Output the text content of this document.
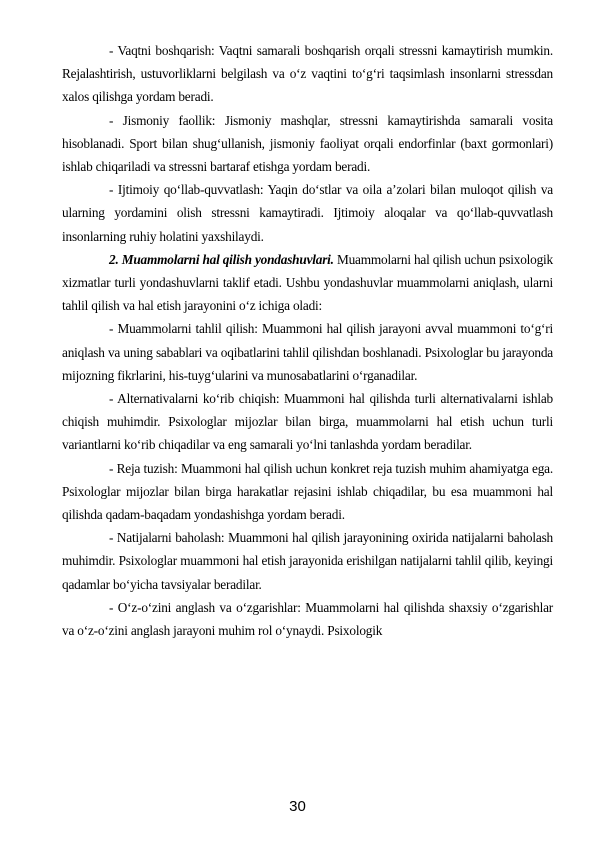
- Vaqtni boshqarish: Vaqtni samarali boshqarish orqali stressni kamaytirish mumkin. Rejalashtirish, ustuvorliklarni belgilash va o‘z vaqtini to‘g‘ri taqsimlash insonlarni stressdan xalos qilishga yordam beradi.

- Jismoniy faollik: Jismoniy mashqlar, stressni kamaytirishda samarali vosita hisoblanadi. Sport bilan shug‘ullanish, jismoniy faoliyat orqali endorfinlar (baxt gormonlari) ishlab chiqariladi va stressni bartaraf etishga yordam beradi.

- Ijtimoiy qo‘llab-quvvatlash: Yaqin do‘stlar va oila a’zolari bilan muloqot qilish va ularning yordamini olish stressni kamaytiradi. Ijtimoiy aloqalar va qo‘llab-quvvatlash insonlarning ruhiy holatini yaxshilaydi.

2. Muammolarni hal qilish yondashuvlari. Muammolarni hal qilish uchun psixologik xizmatlar turli yondashuvlarni taklif etadi. Ushbu yondashuvlar muammolarni aniqlash, ularni tahlil qilish va hal etish jarayonini o‘z ichiga oladi:

- Muammolarni tahlil qilish: Muammoni hal qilish jarayoni avval muammoni to‘g‘ri aniqlash va uning sabablari va oqibatlarini tahlil qilishdan boshlanadi. Psixologlar bu jarayonda mijozning fikrlarini, his-tuyg‘ularini va munosabatlarini o‘rganadilar.

- Alternativalarni ko‘rib chiqish: Muammoni hal qilishda turli alternativalarni ishlab chiqish muhimdir. Psixologlar mijozlar bilan birga, muammolarni hal etish uchun turli variantlarni ko‘rib chiqadilar va eng samarali yo‘lni tanlashda yordam beradilar.

- Reja tuzish: Muammoni hal qilish uchun konkret reja tuzish muhim ahamiyatga ega. Psixologlar mijozlar bilan birga harakatlar rejasini ishlab chiqadilar, bu esa muammoni hal qilishda qadam-baqadam yondashishga yordam beradi.

- Natijalarni baholash: Muammoni hal qilish jarayonining oxirida natijalarni baholash muhimdir. Psixologlar muammoni hal etish jarayonida erishilgan natijalarni tahlil qilib, keyingi qadamlar bo‘yicha tavsiyalar beradilar.

- O‘z-o‘zini anglash va o‘zgarishlar: Muammolarni hal qilishda shaxsiy o‘zgarishlar va o‘z-o‘zini anglash jarayoni muhim rol o‘ynaydi. Psixologik

30
